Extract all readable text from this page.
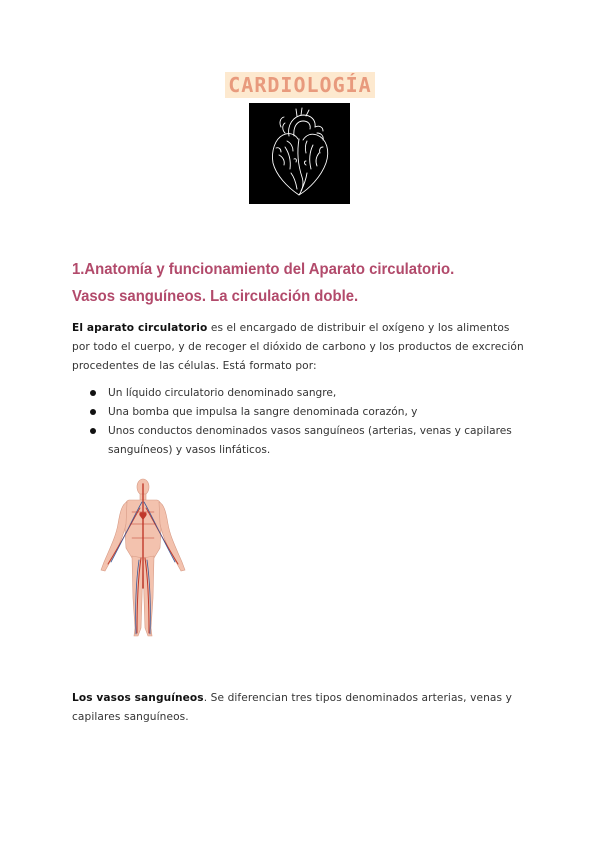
CARDIOLOGÍA
1.Anatomía y funcionamiento del Aparato circulatorio. Vasos sanguíneos. La circulación doble.
El aparato circulatorio es el encargado de distribuir el oxígeno y los alimentos por todo el cuerpo, y de recoger el dióxido de carbono y los productos de excreción procedentes de las células. Está formato por:
Un líquido circulatorio denominado sangre,
Una bomba que impulsa la sangre denominada corazón, y
Unos conductos denominados vasos sanguíneos (arterias, venas y capilares sanguíneos) y vasos linfáticos.
Los vasos sanguíneos. Se diferencian tres tipos denominados arterias, venas y capilares sanguíneos.
